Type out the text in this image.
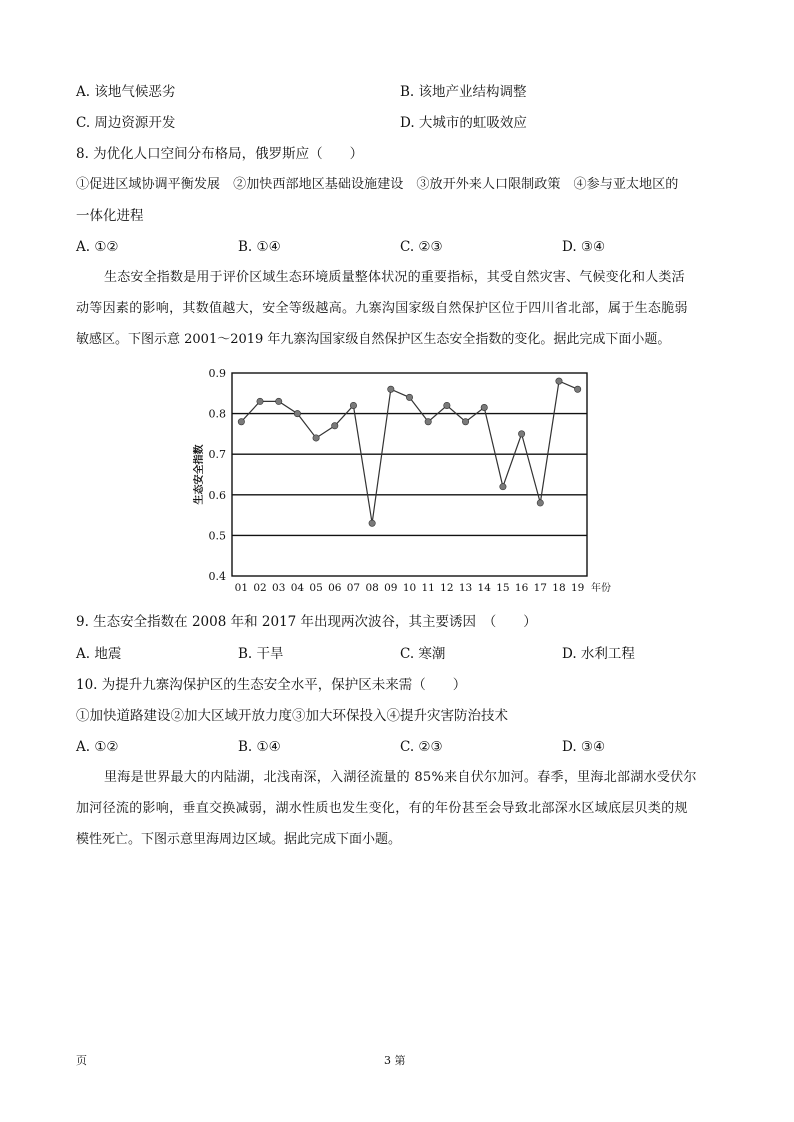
A. 该地气候恶劣	B. 该地产业结构调整
C. 周边资源开发	D. 大城市的虹吸效应
8. 为优化人口空间分布格局，俄罗斯应（　　）
①促进区域协调平衡发展　②加快西部地区基础设施建设　③放开外来人口限制政策　④参与亚太地区的
一体化进程
A. ①②	B. ①④	C. ②③	D. ③④
生态安全指数是用于评价区域生态环境质量整体状况的重要指标，其受自然灾害、气候变化和人类活
动等因素的影响，其数值越大，安全等级越高。九寨沟国家级自然保护区位于四川省北部，属于生态脆弱
敏感区。下图示意 2001～2019 年九寨沟国家级自然保护区生态安全指数的变化。据此完成下面小题。
0.4
0.5
0.6
0.7
0.8
0.9
01 02 03 04 05 06 07 08 09 10 11 12 13 14 15 16 17 18 19
生态安全指数
年份
9. 生态安全指数在 2008 年和 2017 年出现两次波谷，其主要诱因　（　　）
A. 地震	B. 干旱	C. 寒潮	D. 水利工程
10. 为提升九寨沟保护区的生态安全水平，保护区未来需（　　）
①加快道路建设②加大区域开放力度③加大环保投入④提升灾害防治技术
A. ①②	B. ①④	C. ②③	D. ③④
里海是世界最大的内陆湖，北浅南深，入湖径流量的 85%来自伏尔加河。春季，里海北部湖水受伏尔
加河径流的影响，垂直交换减弱，湖水性质也发生变化，有的年份甚至会导致北部深水区域底层贝类的规
模性死亡。下图示意里海周边区域。据此完成下面小题。
页	3 第
